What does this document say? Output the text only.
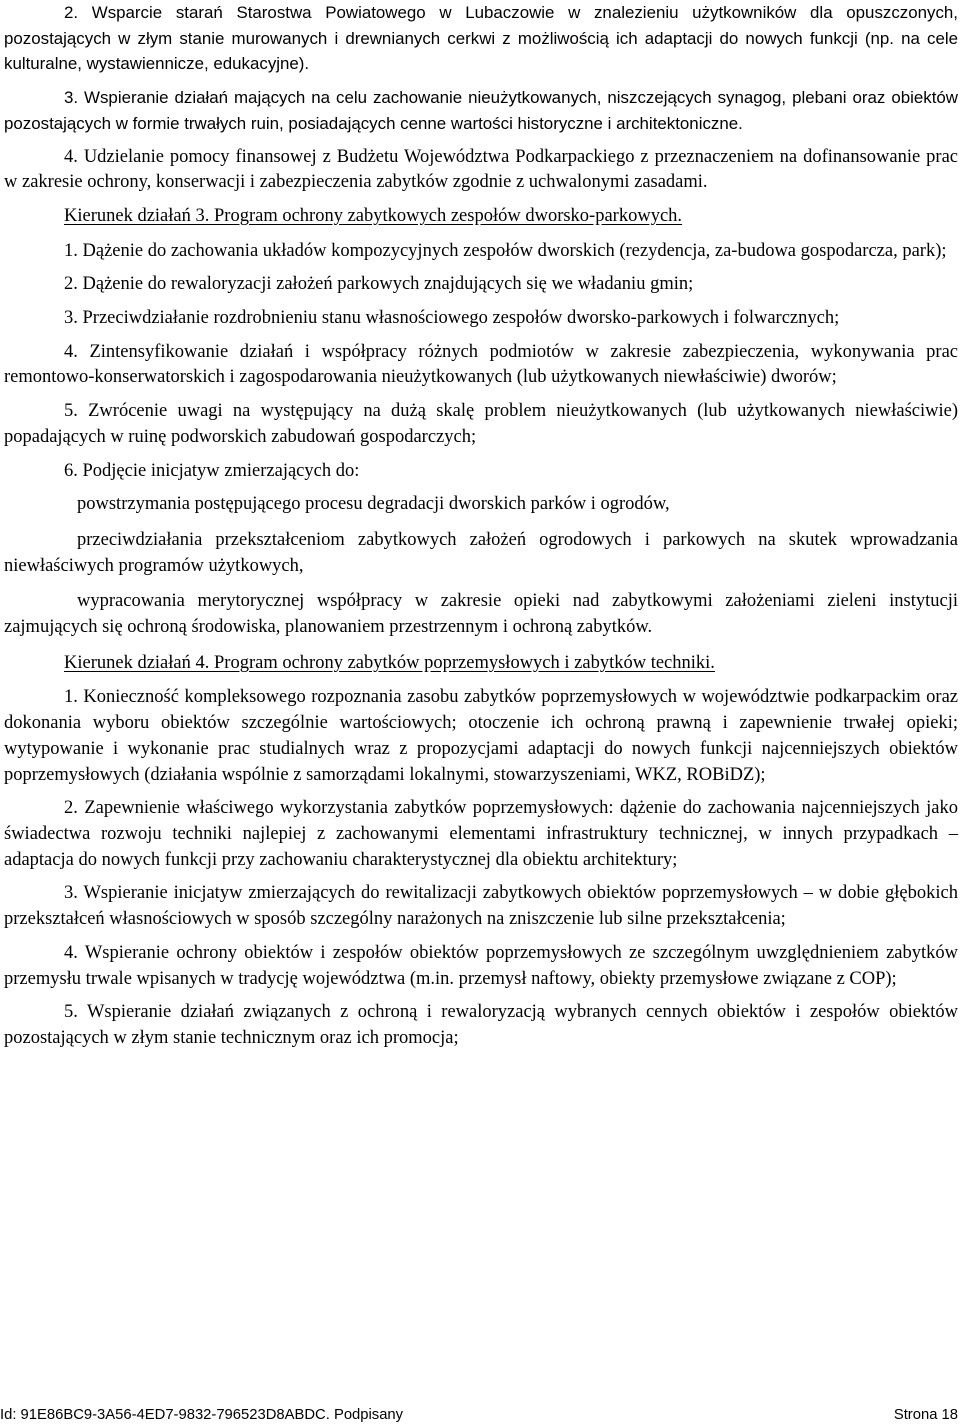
2. Wsparcie starań Starostwa Powiatowego w Lubaczowie w znalezieniu użytkowników dla opuszczonych, pozostających w złym stanie murowanych i drewnianych cerkwi z możliwością ich adaptacji do nowych funkcji (np. na cele kulturalne, wystawiennicze, edukacyjne).

3. Wspieranie działań mających na celu zachowanie nieużytkowanych, niszczejących synagog, plebani oraz obiektów pozostających w formie trwałych ruin, posiadających cenne wartości historyczne i architektoniczne.

4. Udzielanie pomocy finansowej z Budżetu Województwa Podkarpackiego z przeznaczeniem na dofinansowanie prac w zakresie ochrony, konserwacji i zabezpieczenia zabytków zgodnie z uchwalonymi zasadami.

Kierunek działań 3. Program ochrony zabytkowych zespołów dworsko-parkowych.

1. Dążenie do zachowania układów kompozycyjnych zespołów dworskich (rezydencja, za-budowa gospodarcza, park);

2. Dążenie do rewaloryzacji założeń parkowych znajdujących się we władaniu gmin;

3. Przeciwdziałanie rozdrobnieniu stanu własnościowego zespołów dworsko-parkowych i folwarcznych;

4. Zintensyfikowanie działań i współpracy różnych podmiotów w zakresie zabezpieczenia, wykonywania prac remontowo-konserwatorskich i zagospodarowania nieużytkowanych (lub użytkowanych niewłaściwie) dworów;

5. Zwrócenie uwagi na występujący na dużą skalę problem nieużytkowanych (lub użytkowanych niewłaściwie) popadających w ruinę podworskich zabudowań gospodarczych;

6. Podjęcie inicjatyw zmierzających do:

powstrzymania postępującego procesu degradacji dworskich parków i ogrodów,

przeciwdziałania przekształceniom zabytkowych założeń ogrodowych i parkowych na skutek wprowadzania niewłaściwych programów użytkowych,

wypracowania merytorycznej współpracy w zakresie opieki nad zabytkowymi założeniami zieleni instytucji zajmujących się ochroną środowiska, planowaniem przestrzennym i ochroną zabytków.

Kierunek działań 4. Program ochrony zabytków poprzemysłowych i zabytków techniki.

1. Konieczność kompleksowego rozpoznania zasobu zabytków poprzemysłowych w województwie podkarpackim oraz dokonania wyboru obiektów szczególnie wartościowych; otoczenie ich ochroną prawną i zapewnienie trwałej opieki; wytypowanie i wykonanie prac studialnych wraz z propozycjami adaptacji do nowych funkcji najcenniejszych obiektów poprzemysłowych (działania wspólnie z samorządami lokalnymi, stowarzyszeniami, WKZ, ROBiDZ);

2. Zapewnienie właściwego wykorzystania zabytków poprzemysłowych: dążenie do zachowania najcenniejszych jako świadectwa rozwoju techniki najlepiej z zachowanymi elementami infrastruktury technicznej, w innych przypadkach – adaptacja do nowych funkcji przy zachowaniu charakterystycznej dla obiektu architektury;

3. Wspieranie inicjatyw zmierzających do rewitalizacji zabytkowych obiektów poprzemysłowych – w dobie głębokich przekształceń własnościowych w sposób szczególny narażonych na zniszczenie lub silne przekształcenia;

4. Wspieranie ochrony obiektów i zespołów obiektów poprzemysłowych ze szczególnym uwzględnieniem zabytków przemysłu trwale wpisanych w tradycję województwa (m.in. przemysł naftowy, obiekty przemysłowe związane z COP);

5. Wspieranie działań związanych z ochroną i rewaloryzacją wybranych cennych obiektów i zespołów obiektów pozostających w złym stanie technicznym oraz ich promocja;

Id: 91E86BC9-3A56-4ED7-9832-796523D8ABDC. Podpisany	Strona 18
